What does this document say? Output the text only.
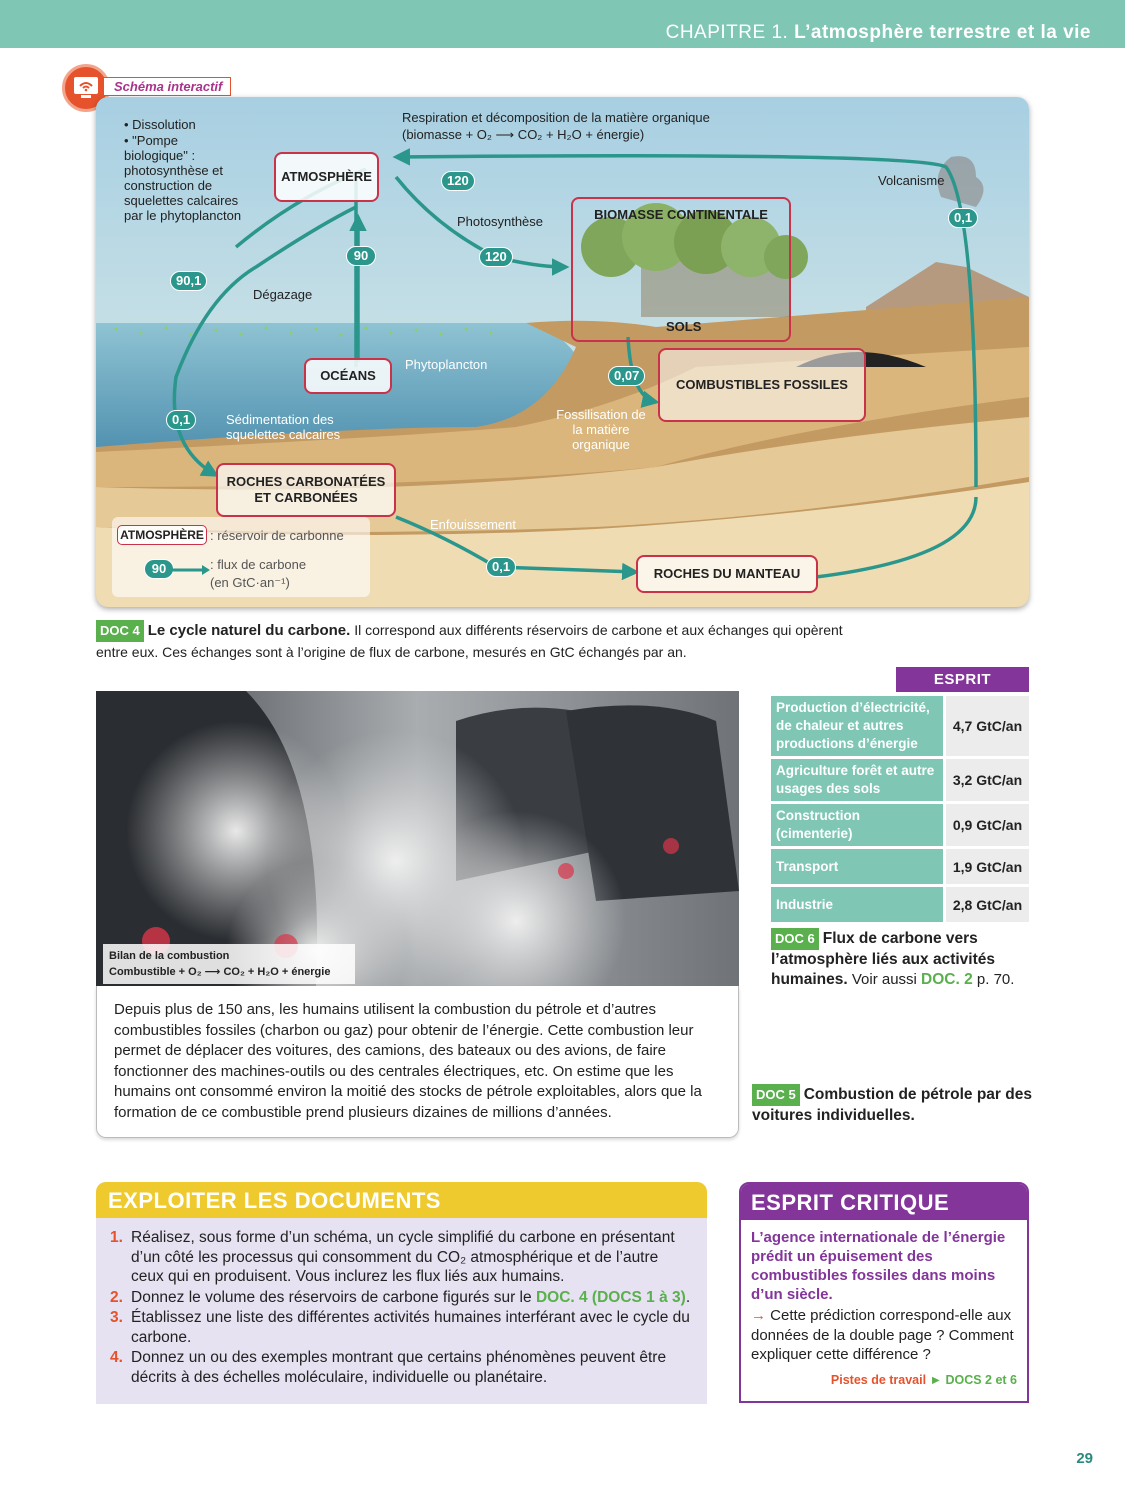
CHAPITRE 1. L’atmosphère terrestre et la vie
Schéma interactif
• Dissolution
• "Pompe biologique" : photosynthèse et construction de squelettes calcaires par le phytoplancton
Respiration et décomposition de la matière organique
(biomasse + O₂ ⟶ CO₂ + H₂O + énergie)
Volcanisme
Photosynthèse
Dégazage
Phytoplancton
Sédimentation des squelettes calcaires
Fossilisation de la matière organique
Enfouissement
ATMOSPHÈRE
BIOMASSE CONTINENTALE
SOLS
OCÉANS
COMBUSTIBLES FOSSILES
ROCHES CARBONATÉES ET CARBONÉES
ROCHES DU MANTEAU
120
120
0,1
90,1
90
0,1
0,07
0,1
ATMOSPHÈRE : réservoir de carbonne
90	: flux de carbone
(en GtC·an⁻¹)
DOC 4 Le cycle naturel du carbone. Il correspond aux différents réservoirs de carbone et aux échanges qui opèrent entre eux. Ces échanges sont à l’origine de flux de carbone, mesurés en GtC échangés par an.
Bilan de la combustion
Combustible + O₂ ⟶ CO₂ + H₂O + énergie

Depuis plus de 150 ans, les humains utilisent la combustion du pétrole et d’autres combustibles fossiles (charbon ou gaz) pour obtenir de l’énergie. Cette combustion leur permet de déplacer des voitures, des camions, des bateaux ou des avions, de faire fonctionner des machines-outils ou des centrales électriques, etc. On estime que les humains ont consommé environ la moitié des stocks de pétrole exploitables, alors que la formation de ce combustible prend plusieurs dizaines de millions d’années.

ESPRIT
Production d’électricité, de chaleur et autres productions d’énergie	4,7 GtC/an
Agriculture forêt et autre usages des sols	3,2 GtC/an
Construction (cimenterie)	0,9 GtC/an
Transport	1,9 GtC/an
Industrie	2,8 GtC/an
DOC 6 Flux de carbone vers l’atmosphère liés aux activités humaines. Voir aussi DOC. 2 p. 70.
DOC 5 Combustion de pétrole par des voitures individuelles.
EXPLOITER LES DOCUMENTS
1. Réalisez, sous forme d’un schéma, un cycle simplifié du carbone en présentant d’un côté les processus qui consomment du CO₂ atmosphérique et de l’autre ceux qui en produisent. Vous inclurez les flux liés aux humains.
2. Donnez le volume des réservoirs de carbone figurés sur le DOC. 4 (DOCS 1 à 3).
3. Établissez une liste des différentes activités humaines interférant avec le cycle du carbone.
4. Donnez un ou des exemples montrant que certains phénomènes peuvent être décrits à des échelles moléculaire, individuelle ou planétaire.
ESPRIT CRITIQUE
L’agence internationale de l’énergie prédit un épuisement des combustibles fossiles dans moins d’un siècle.
→ Cette prédiction correspond-elle aux données de la double page ? Comment expliquer cette différence ?
Pistes de travail ► DOCS 2 et 6
29
